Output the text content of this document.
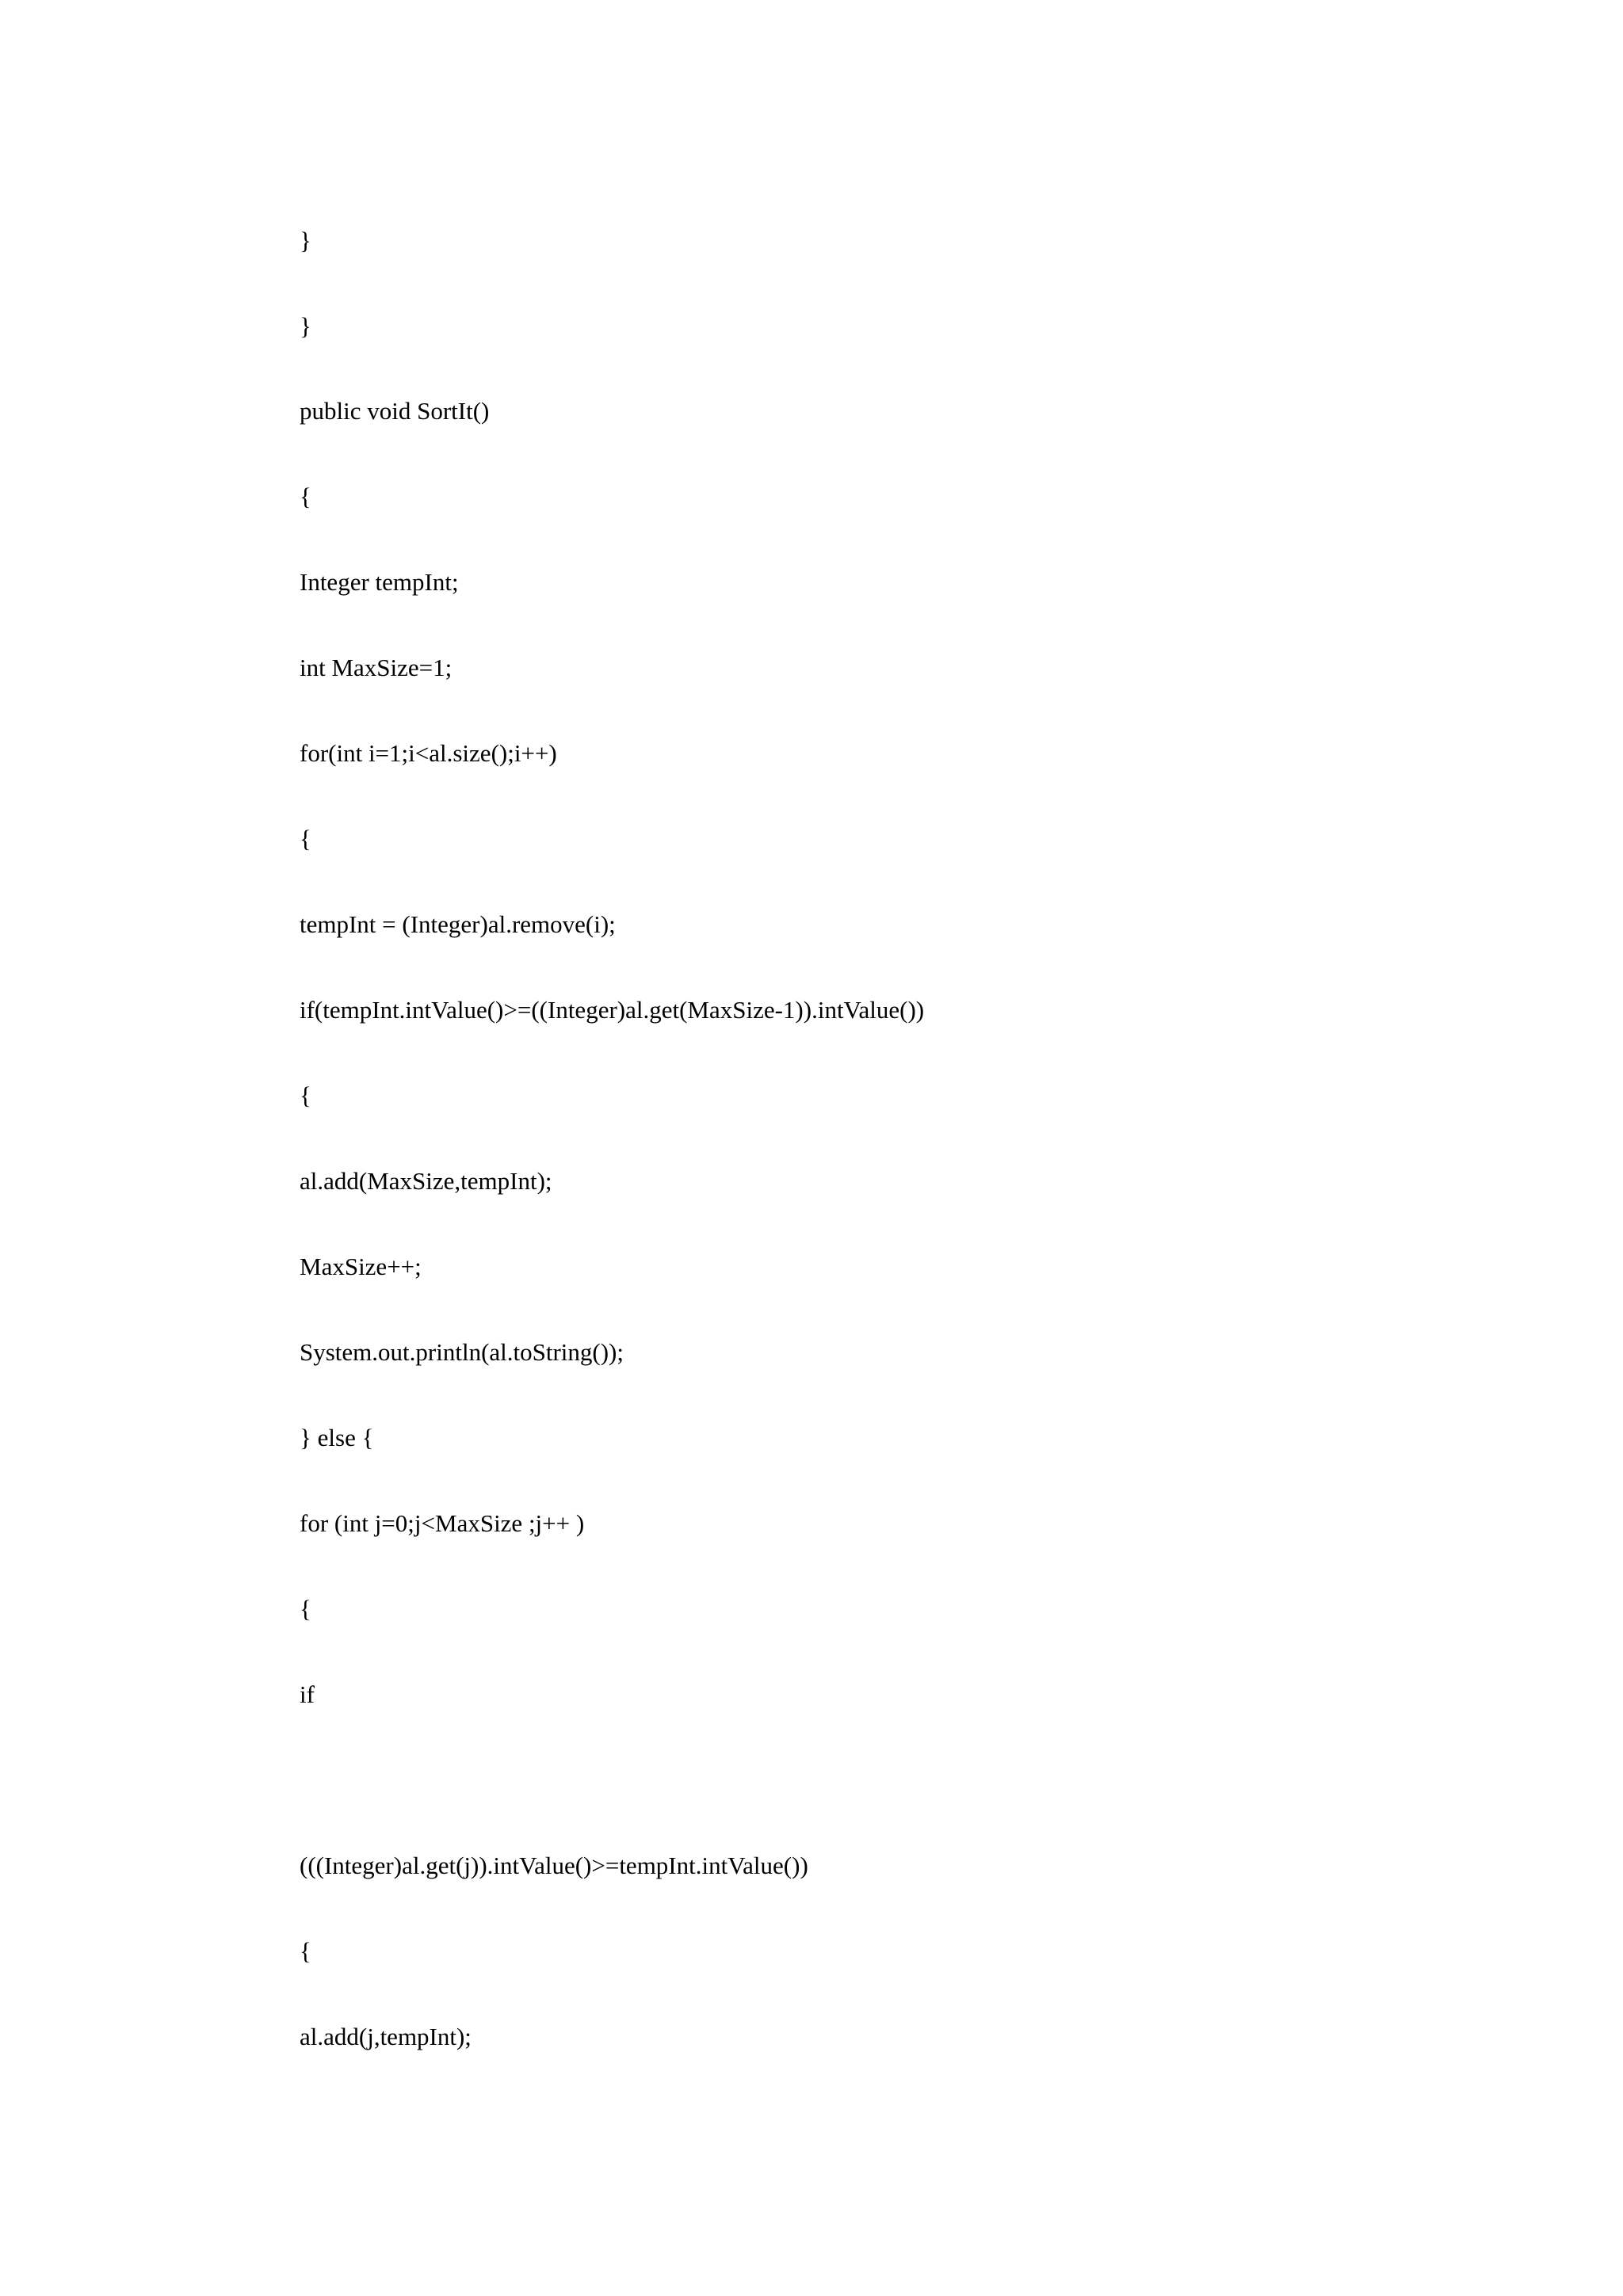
}

}

public void SortIt()

{

Integer tempInt;

int MaxSize=1;

for(int i=1;i<al.size();i++)

{

tempInt = (Integer)al.remove(i);

if(tempInt.intValue()>=((Integer)al.get(MaxSize-1)).intValue())

{

al.add(MaxSize,tempInt);

MaxSize++;

System.out.println(al.toString());

} else {

for (int j=0;j<MaxSize ;j++ )

{

if

(((Integer)al.get(j)).intValue()>=tempInt.intValue())

{

al.add(j,tempInt);
